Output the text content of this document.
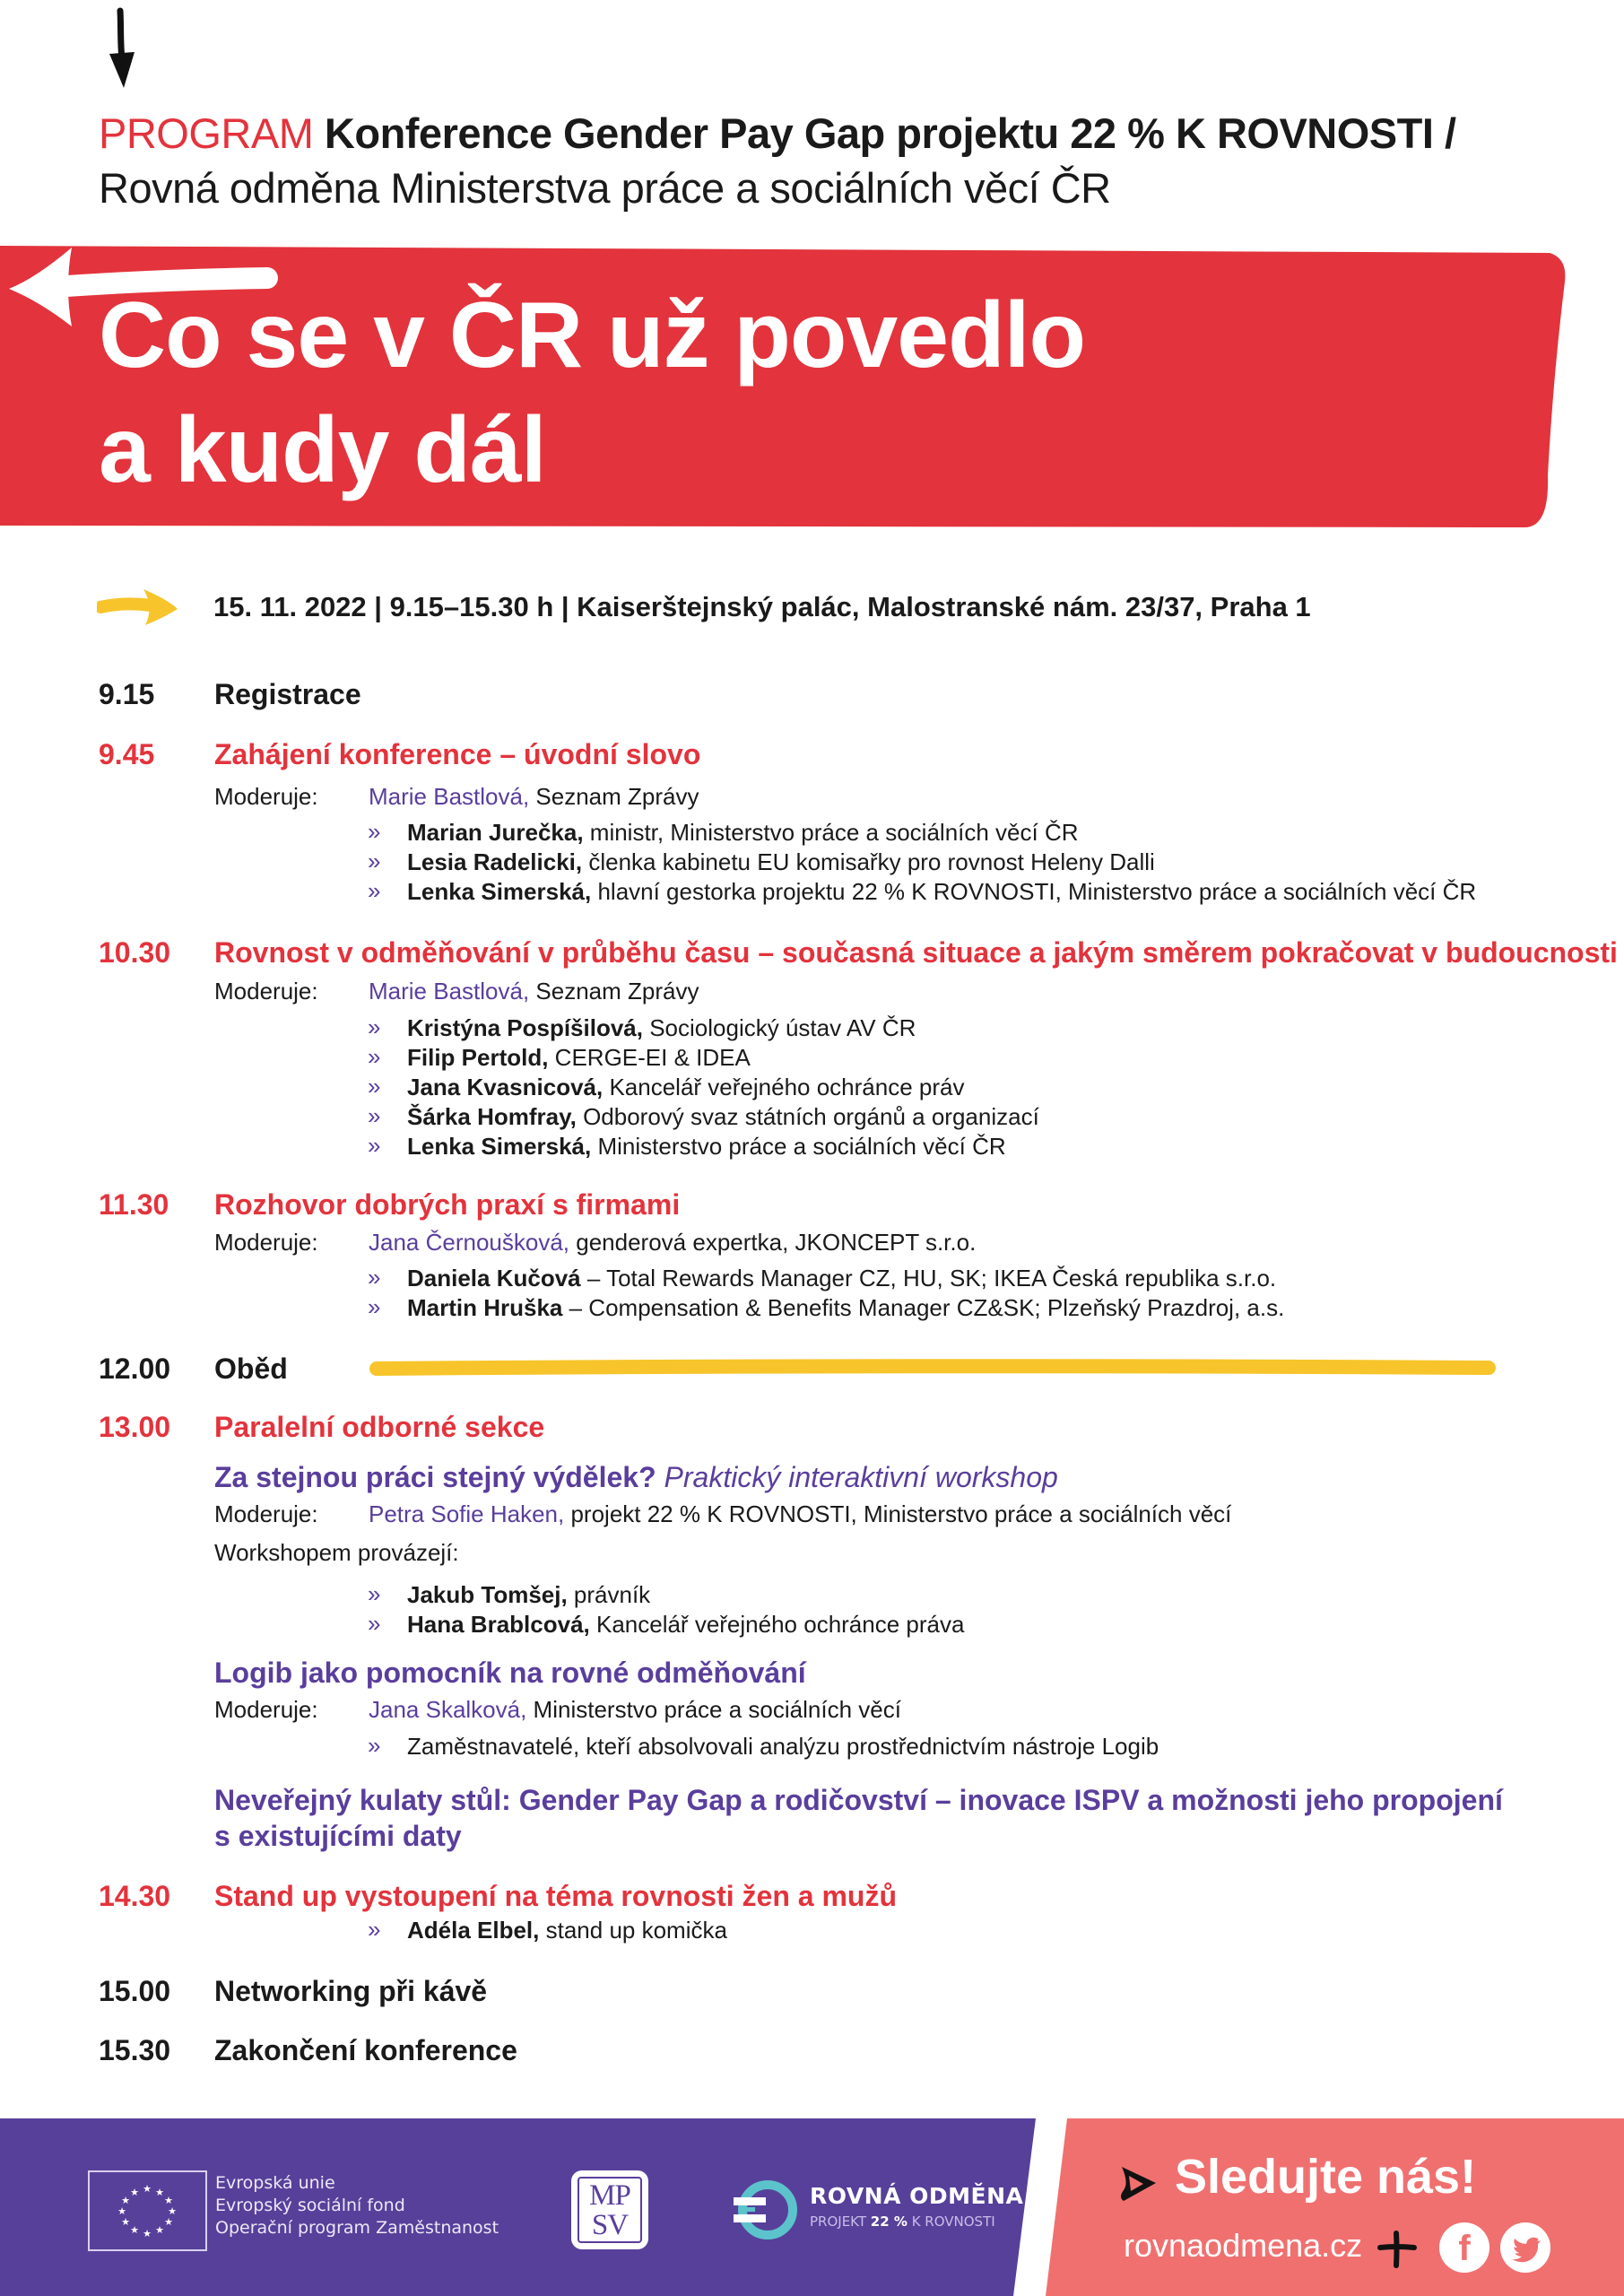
PROGRAM Konference Gender Pay Gap projektu 22 % K ROVNOSTI /
Rovná odměna Ministerstva práce a sociálních věcí ČR
Co se v ČR už povedlo
a kudy dál
15. 11. 2022 | 9.15–15.30 h | Kaiserštejnský palác, Malostranské nám. 23/37, Praha 1
9.15 Registrace
9.45 Zahájení konference – úvodní slovo
Moderuje: Marie Bastlová, Seznam Zprávy
» Marian Jurečka, ministr, Ministerstvo práce a sociálních věcí ČR
» Lesia Radelicki, členka kabinetu EU komisařky pro rovnost Heleny Dalli
» Lenka Simerská, hlavní gestorka projektu 22 % K ROVNOSTI, Ministerstvo práce a sociálních věcí ČR
10.30 Rovnost v odměňování v průběhu času – současná situace a jakým směrem pokračovat v budoucnosti
Moderuje: Marie Bastlová, Seznam Zprávy
» Kristýna Pospíšilová, Sociologický ústav AV ČR
» Filip Pertold, CERGE-EI & IDEA
» Jana Kvasnicová, Kancelář veřejného ochránce práv
» Šárka Homfray, Odborový svaz státních orgánů a organizací
» Lenka Simerská, Ministerstvo práce a sociálních věcí ČR
11.30 Rozhovor dobrých praxí s firmami
Moderuje: Jana Černoušková, genderová expertka, JKONCEPT s.r.o.
» Daniela Kučová – Total Rewards Manager CZ, HU, SK; IKEA Česká republika s.r.o.
» Martin Hruška – Compensation & Benefits Manager CZ&SK; Plzeňský Prazdroj, a.s.
12.00 Oběd
13.00 Paralelní odborné sekce
Za stejnou práci stejný výdělek? Praktický interaktivní workshop
Moderuje: Petra Sofie Haken, projekt 22 % K ROVNOSTI, Ministerstvo práce a sociálních věcí
Workshopem provázejí:
» Jakub Tomšej, právník
» Hana Brablcová, Kancelář veřejného ochránce práva
Logib jako pomocník na rovné odměňování
Moderuje: Jana Skalková, Ministerstvo práce a sociálních věcí
» Zaměstnavatelé, kteří absolvovali analýzu prostřednictvím nástroje Logib
Neveřejný kulaty stůl: Gender Pay Gap a rodičovství – inovace ISPV a možnosti jeho propojení
s existujícími daty
14.30 Stand up vystoupení na téma rovnosti žen a mužů
» Adéla Elbel, stand up komička
15.00 Networking při kávě
15.30 Zakončení konference
★ ★
★
★
★
★
★
★
★
★
★
★	Evropská unie
Evropský sociální fond
Operační program Zaměstnanost
MP
SV
ROVNÁ ODMĚNA
PROJEKT 22 % K ROVNOSTI
Sledujte nás!
rovnaodmena.cz	f
